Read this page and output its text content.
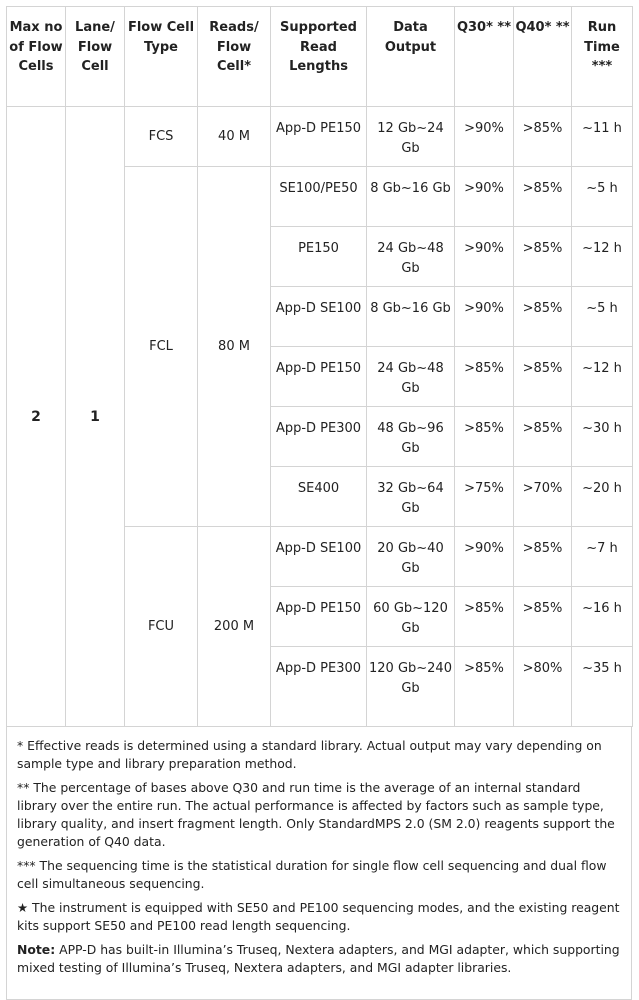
Max no of Flow Cells	Lane/ Flow Cell	Flow Cell Type	Reads/ Flow Cell*	Supported Read Lengths	Data Output	Q30* **	Q40* **	Run Time ***
2	1	FCS	40 M	App-D PE150	12 Gb~24 Gb	>90%	>85%	~11 h
		FCL	80 M	SE100/PE50	8 Gb~16 Gb	>90%	>85%	~5 h
				PE150	24 Gb~48 Gb	>90%	>85%	~12 h
				App-D SE100	8 Gb~16 Gb	>90%	>85%	~5 h
				App-D PE150	24 Gb~48 Gb	>85%	>85%	~12 h
				App-D PE300	48 Gb~96 Gb	>85%	>85%	~30 h
				SE400	32 Gb~64 Gb	>75%	>70%	~20 h
		FCU	200 M	App-D SE100	20 Gb~40 Gb	>90%	>85%	~7 h
				App-D PE150	60 Gb~120 Gb	>85%	>85%	~16 h
				App-D PE300	120 Gb~240 Gb	>85%	>80%	~35 h

* Effective reads is determined using a standard library. Actual output may vary depending on sample type and library preparation method.

** The percentage of bases above Q30 and run time is the average of an internal standard library over the entire run. The actual performance is affected by factors such as sample type, library quality, and insert fragment length. Only StandardMPS 2.0 (SM 2.0) reagents support the generation of Q40 data.

*** The sequencing time is the statistical duration for single flow cell sequencing and dual flow cell simultaneous sequencing.

★ The instrument is equipped with SE50 and PE100 sequencing modes, and the existing reagent kits support SE50 and PE100 read length sequencing.

Note: APP-D has built-in Illumina’s Truseq, Nextera adapters, and MGI adapter, which supporting mixed testing of Illumina’s Truseq, Nextera adapters, and MGI adapter libraries.
